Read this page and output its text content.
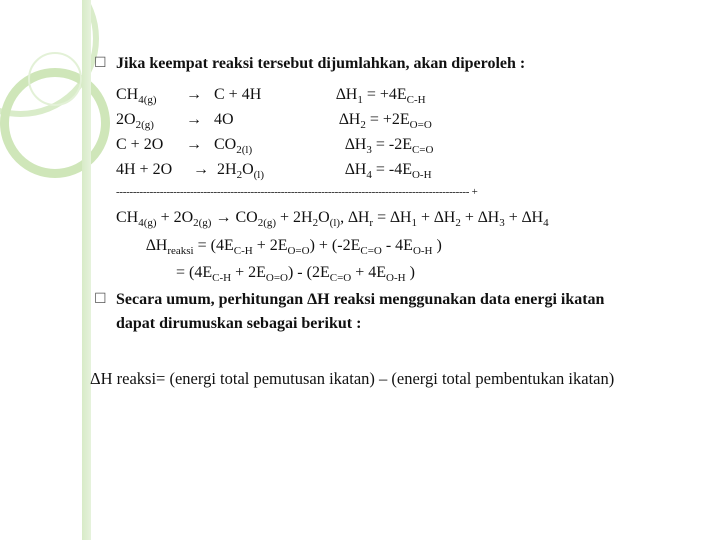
☐ Jika keempat reaksi tersebut dijumlahkan, akan diperoleh :
$CH_{4(g)} \to C + 4H$	$\Delta H_1 = +4E_{C-H}$
$2O_{2(g)} \to 4O$	$\Delta H_2 = +2E_{O=O}$
$C + 2O \to CO_{2(l)}$	$\Delta H_3 = -2E_{C=O}$
$4H + 2O \to 2H_2O_{(l)}$	$\Delta H_4 = -4E_{O-H}$
--------------------------------------------------------------------------------------------------------- +
$CH_{4(g)} + 2O_{2(g)} \to CO_{2(g)} + 2H_2O_{(l)}$, $\Delta H_r = \Delta H_1 + \Delta H_2 + \Delta H_3 + \Delta H_4$
$\Delta H_{reaksi} = (4E_{C-H} + 2E_{O=O}) + (-2E_{C=O} - 4E_{O-H}$ )
= $(4E_{C-H} + 2E_{O=O}) - (2E_{C=O} + 4E_{O-H}$ )
☐ Secara umum, perhitungan ΔH reaksi menggunakan data energi ikatan
dapat dirumuskan sebagai berikut :
ΔH reaksi= (energi total pemutusan ikatan) – (energi total pembentukan ikatan)
